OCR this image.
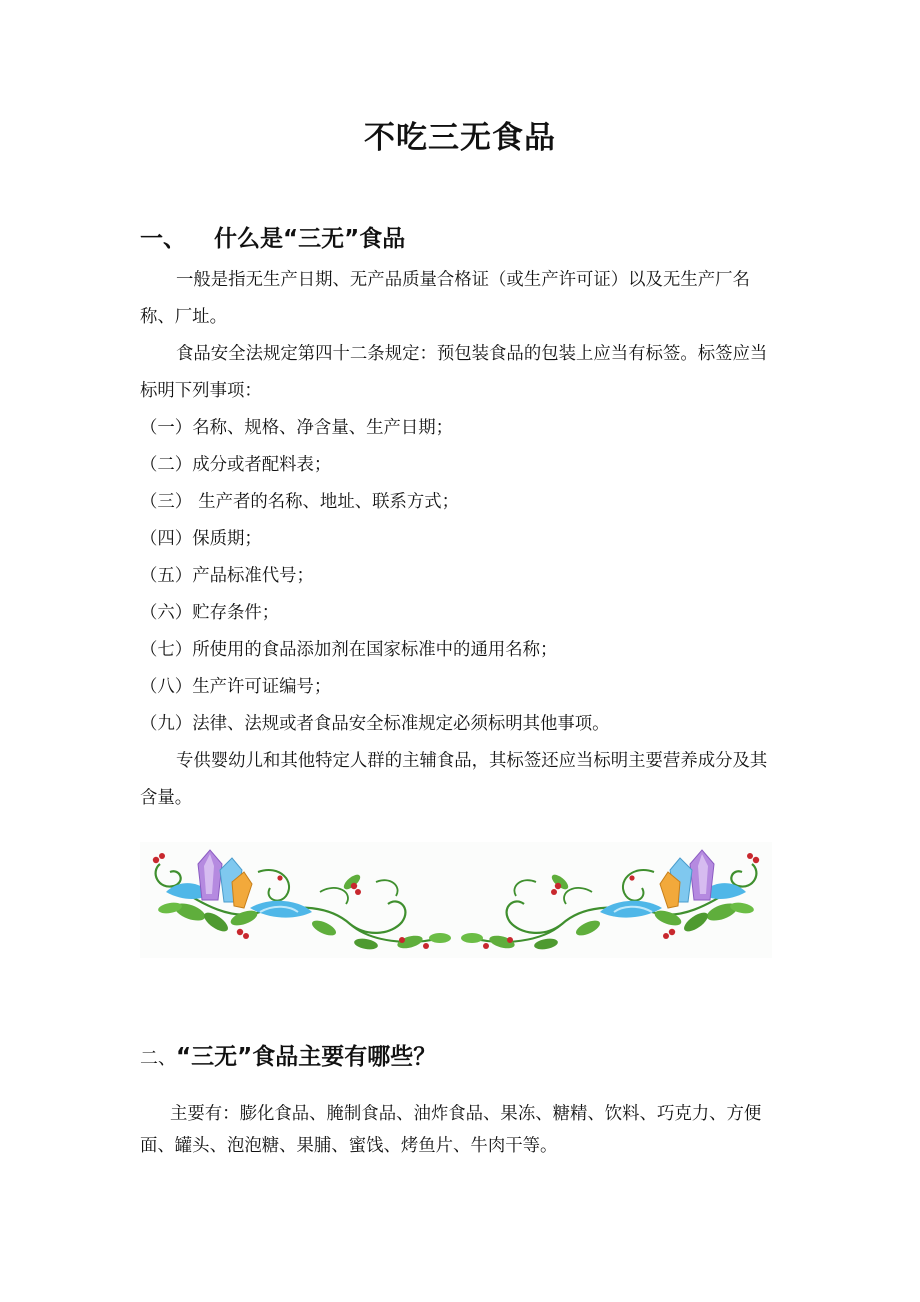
不吃三无食品
一、 什么是“三无”食品

一般是指无生产日期、无产品质量合格证（或生产许可证）以及无生产厂名称、厂址。

食品安全法规定第四十二条规定：预包装食品的包装上应当有标签。标签应当标明下列事项：

（一）名称、规格、净含量、生产日期；
（二）成分或者配料表；
（三） 生产者的名称、地址、联系方式；
（四）保质期；
（五）产品标准代号；
（六）贮存条件；
（七）所使用的食品添加剂在国家标准中的通用名称；
（八）生产许可证编号；
（九）法律、法规或者食品安全标准规定必须标明其他事项。

专供婴幼儿和其他特定人群的主辅食品，其标签还应当标明主要营养成分及其含量。

二、“三无”食品主要有哪些？

主要有：膨化食品、腌制食品、油炸食品、果冻、糖精、饮料、巧克力、方便面、罐头、泡泡糖、果脯、蜜饯、烤鱼片、牛肉干等。
